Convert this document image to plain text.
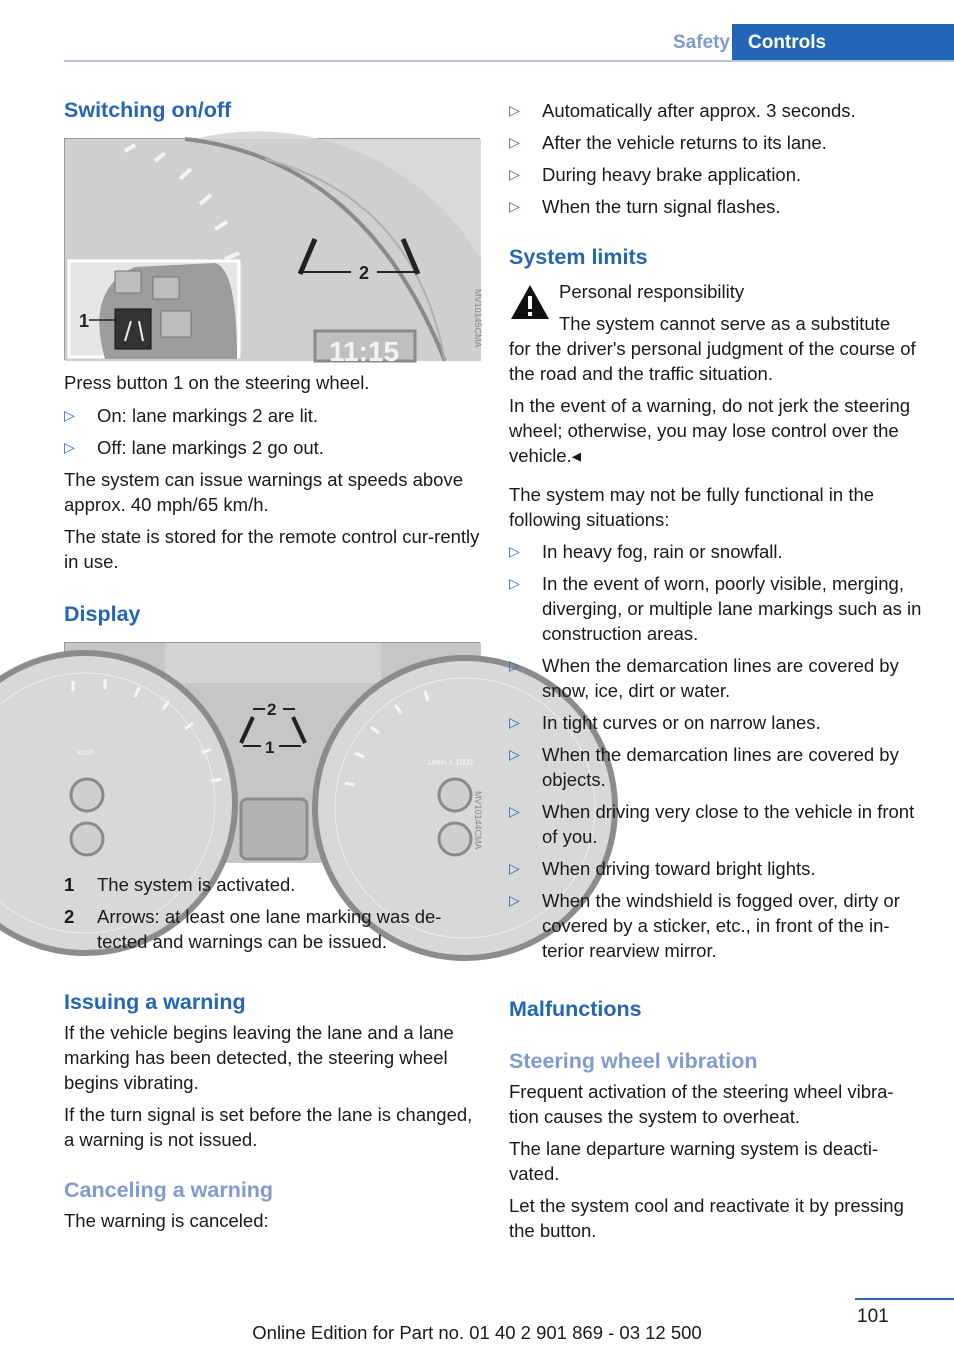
Safety Controls
Switching on/off
11:15
2
1	MV10145CMA

Press button 1 on the steering wheel.

▷	On: lane markings 2 are lit.
▷	Off: lane markings 2 go out.

The system can issue warnings at speeds above approx. 40 mph/65 km/h.

The state is stored for the remote control cur-rently in use.

Display
km/h
1/min x 1000
2
1
MV10144CMA
1 The system is activated.
2 Arrows: at least one lane marking was de-tected and warnings can be issued.
Issuing a warning

If the vehicle begins leaving the lane and a lane marking has been detected, the steering wheel begins vibrating.

If the turn signal is set before the lane is changed, a warning is not issued.

Canceling a warning

The warning is canceled:

▷	Automatically after approx. 3 seconds.
▷	After the vehicle returns to its lane.
▷	During heavy brake application.
▷	When the turn signal flashes.
System limits

Personal responsibility

The system cannot serve as a substitute

for the driver's personal judgment of the course of the road and the traffic situation.

In the event of a warning, do not jerk the steering wheel; otherwise, you may lose control over the vehicle.◂

The system may not be fully functional in the following situations:

▷	In heavy fog, rain or snowfall.
▷	In the event of worn, poorly visible, merging, diverging, or multiple lane markings such as in construction areas.
▷	When the demarcation lines are covered by snow, ice, dirt or water.
▷	In tight curves or on narrow lanes.
▷	When the demarcation lines are covered by objects.
▷	When driving very close to the vehicle in front of you.
▷	When driving toward bright lights.
▷	When the windshield is fogged over, dirty or covered by a sticker, etc., in front of the in-terior rearview mirror.
Malfunctions
Steering wheel vibration

Frequent activation of the steering wheel vibra-tion causes the system to overheat.

The lane departure warning system is deacti-vated.

Let the system cool and reactivate it by pressing the button.

101
Online Edition for Part no. 01 40 2 901 869 - 03 12 500
